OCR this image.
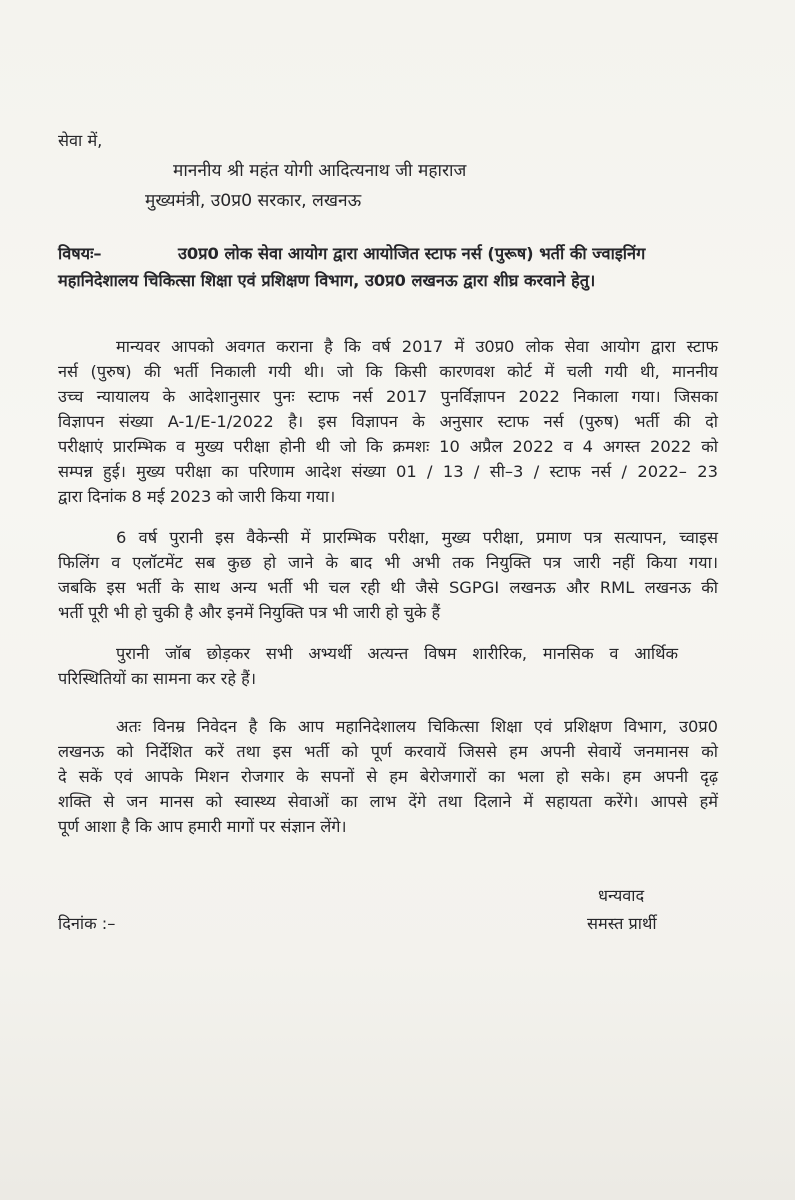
सेवा में,
माननीय श्री महंत योगी आदित्यनाथ जी महाराज
मुख्यमंत्री, उ0प्र0 सरकार, लखनऊ
विषयः–	उ0प्र0 लोक सेवा आयोग द्वारा आयोजित स्टाफ नर्स (पुरूष) भर्ती की ज्वाइनिंग
महानिदेशालय चिकित्सा शिक्षा एवं प्रशिक्षण विभाग, उ0प्र0 लखनऊ द्वारा शीघ्र करवाने हेतु।
मान्यवर आपको अवगत कराना है कि वर्ष 2017 में उ0प्र0 लोक सेवा आयोग द्वारा स्टाफ
नर्स (पुरुष) की भर्ती निकाली गयी थी। जो कि किसी कारणवश कोर्ट में चली गयी थी, माननीय
उच्च न्यायालय के आदेशानुसार पुनः स्टाफ नर्स 2017 पुनर्विज्ञापन 2022 निकाला गया। जिसका
विज्ञापन संख्या A-1/E-1/2022 है। इस विज्ञापन के अनुसार स्टाफ नर्स (पुरुष) भर्ती की दो
परीक्षाएं प्रारम्भिक व मुख्य परीक्षा होनी थी जो कि क्रमशः 10 अप्रैल 2022 व 4 अगस्त 2022 को
सम्पन्न हुई। मुख्य परीक्षा का परिणाम आदेश संख्या 01 / 13 / सी–3 / स्टाफ नर्स / 2022– 23
द्वारा दिनांक 8 मई 2023 को जारी किया गया।
6 वर्ष पुरानी इस वैकेन्सी में प्रारम्भिक परीक्षा, मुख्य परीक्षा, प्रमाण पत्र सत्यापन, च्वाइस
फिलिंग व एलॉटमेंट सब कुछ हो जाने के बाद भी अभी तक नियुक्ति पत्र जारी नहीं किया गया।
जबकि इस भर्ती के साथ अन्य भर्ती भी चल रही थी जैसे SGPGI लखनऊ और RML लखनऊ की
भर्ती पूरी भी हो चुकी है और इनमें नियुक्ति पत्र भी जारी हो चुके हैं
पुरानी जॉब छोड़कर सभी अभ्यर्थी अत्यन्त विषम शारीरिक, मानसिक व आर्थिक
परिस्थितियों का सामना कर रहे हैं।
अतः विनम्र निवेदन है कि आप महानिदेशालय चिकित्सा शिक्षा एवं प्रशिक्षण विभाग, उ0प्र0
लखनऊ को निर्देशित करें तथा इस भर्ती को पूर्ण करवायें जिससे हम अपनी सेवायें जनमानस को
दे सकें एवं आपके मिशन रोजगार के सपनों से हम बेरोजगारों का भला हो सके। हम अपनी दृढ़
शक्ति से जन मानस को स्वास्थ्य सेवाओं का लाभ देंगे तथा दिलाने में सहायता करेंगे। आपसे हमें
पूर्ण आशा है कि आप हमारी मागों पर संज्ञान लेंगे।
धन्यवाद
समस्त प्रार्थी
दिनांक :–
